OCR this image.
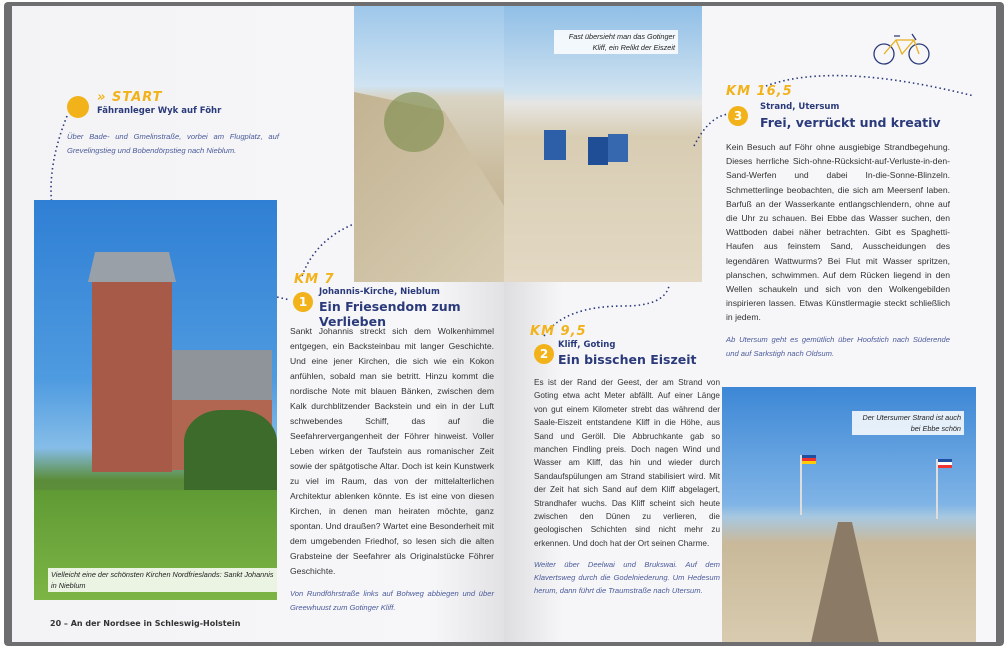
» START
Fähranleger Wyk auf Föhr
Über Bade- und Gmelinstraße, vorbei am Flugplatz, auf Grevelingstieg und Bobendörpstieg nach Nieblum.
Vielleicht eine der schönsten Kirchen Nordfrieslands: Sankt Johannis in Nieblum
KM 7
1
Johannis-Kirche, Nieblum
Ein Friesendom zum Verlieben
Sankt Johannis streckt sich dem Wolkenhimmel entgegen, ein Backsteinbau mit langer Geschichte. Und eine jener Kirchen, die sich wie ein Kokon anfühlen, sobald man sie betritt. Hinzu kommt die nordische Note mit blauen Bänken, zwischen dem Kalk durchblitzender Backstein und ein in der Luft schwebendes Schiff, das auf die Seefahrervergangenheit der Föhrer hinweist. Voller Leben wirken der Taufstein aus romanischer Zeit sowie der spätgotische Altar. Doch ist kein Kunstwerk zu viel im Raum, das von der mittelalterlichen Architektur ablenken könnte. Es ist eine von diesen Kirchen, in denen man heiraten möchte, ganz spontan. Und draußen? Wartet eine Besonderheit mit dem umgebenden Friedhof, so lesen sich die alten Grabsteine der Seefahrer als Originalstücke Föhrer Geschichte.
Von Rundföhrstraße links auf Bohweg abbiegen und über Greewhuust zum Gotinger Kliff.
20 – An der Nordsee in Schleswig-Holstein
Fast übersieht man das Gotinger Kliff, ein Relikt der Eiszeit
KM 9,5
2
Kliff, Goting
Ein bisschen Eiszeit
Es ist der Rand der Geest, der am Strand von Goting etwa acht Meter abfällt. Auf einer Länge von gut einem Kilometer strebt das während der Saale-Eiszeit entstandene Kliff in die Höhe, aus Sand und Geröll. Die Abbruchkante gab so manchen Findling preis. Doch nagen Wind und Wasser am Kliff, das hin und wieder durch Sandaufspülungen am Strand stabilisiert wird. Mit der Zeit hat sich Sand auf dem Kliff abgelagert, Strandhafer wuchs. Das Kliff scheint sich heute zwischen den Dünen zu verlieren, die geologischen Schichten sind nicht mehr zu erkennen. Und doch hat der Ort seinen Charme.
Weiter über Deelwai und Brukswai. Auf dem Klavertsweg durch die Godelniederung. Um Hedesum herum, dann führt die Traumstraße nach Utersum.
KM 16,5
3
Strand, Utersum
Frei, verrückt und kreativ
Kein Besuch auf Föhr ohne ausgiebige Strandbegehung. Dieses herrliche Sich-ohne-Rücksicht-auf-Verluste-in-den-Sand-Werfen und dabei In-die-Sonne-Blinzeln. Schmetterlinge beobachten, die sich am Meersenf laben. Barfuß an der Wasserkante entlangschlendern, ohne auf die Uhr zu schauen. Bei Ebbe das Wasser suchen, den Wattboden dabei näher betrachten. Gibt es Spaghetti-Haufen aus feinstem Sand, Ausscheidungen des legendären Wattwurms? Bei Flut mit Wasser spritzen, planschen, schwimmen. Auf dem Rücken liegend in den Wellen schaukeln und sich von den Wolkengebilden inspirieren lassen. Etwas Künstlermagie steckt schließlich in jedem.
Ab Utersum geht es gemütlich über Hoofstich nach Süderende und auf Sarkstigh nach Oldsum.
Der Utersumer Strand ist auch bei Ebbe schön
